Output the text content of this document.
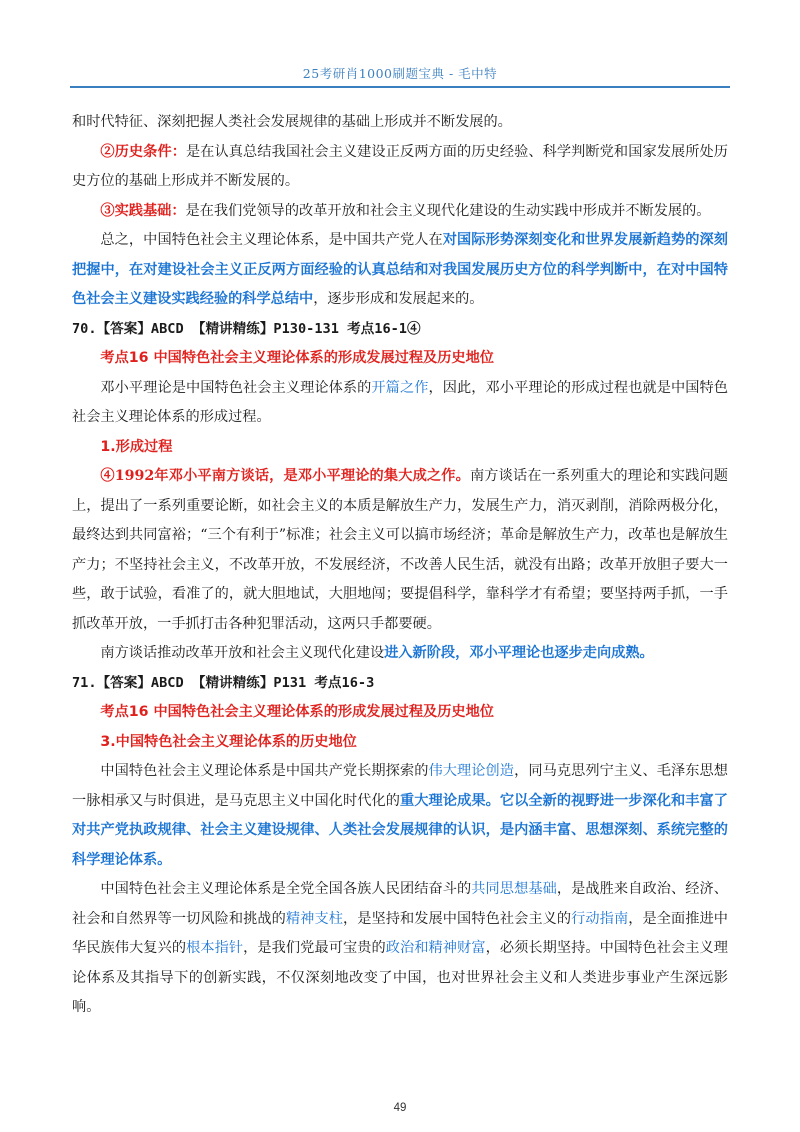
25考研肖1000刷题宝典 - 毛中特

和时代特征、深刻把握人类社会发展规律的基础上形成并不断发展的。

②历史条件：是在认真总结我国社会主义建设正反两方面的历史经验、科学判断党和国家发展所处历史方位的基础上形成并不断发展的。

③实践基础：是在我们党领导的改革开放和社会主义现代化建设的生动实践中形成并不断发展的。

总之，中国特色社会主义理论体系，是中国共产党人在对国际形势深刻变化和世界发展新趋势的深刻把握中，在对建设社会主义正反两方面经验的认真总结和对我国发展历史方位的科学判断中，在对中国特色社会主义建设实践经验的科学总结中，逐步形成和发展起来的。

70.【答案】ABCD 【精讲精练】P130-131 考点16-1④

考点16 中国特色社会主义理论体系的形成发展过程及历史地位

邓小平理论是中国特色社会主义理论体系的开篇之作，因此，邓小平理论的形成过程也就是中国特色社会主义理论体系的形成过程。

1.形成过程

④1992年邓小平南方谈话，是邓小平理论的集大成之作。南方谈话在一系列重大的理论和实践问题上，提出了一系列重要论断，如社会主义的本质是解放生产力，发展生产力，消灭剥削，消除两极分化，最终达到共同富裕；“三个有利于”标准；社会主义可以搞市场经济；革命是解放生产力，改革也是解放生产力；不坚持社会主义，不改革开放，不发展经济，不改善人民生活，就没有出路；改革开放胆子要大一些，敢于试验，看准了的，就大胆地试，大胆地闯；要提倡科学，靠科学才有希望；要坚持两手抓，一手抓改革开放，一手抓打击各种犯罪活动，这两只手都要硬。

南方谈话推动改革开放和社会主义现代化建设进入新阶段，邓小平理论也逐步走向成熟。

71.【答案】ABCD 【精讲精练】P131 考点16-3

考点16 中国特色社会主义理论体系的形成发展过程及历史地位

3.中国特色社会主义理论体系的历史地位

中国特色社会主义理论体系是中国共产党长期探索的伟大理论创造，同马克思列宁主义、毛泽东思想一脉相承又与时俱进，是马克思主义中国化时代化的重大理论成果。它以全新的视野进一步深化和丰富了对共产党执政规律、社会主义建设规律、人类社会发展规律的认识，是内涵丰富、思想深刻、系统完整的科学理论体系。

中国特色社会主义理论体系是全党全国各族人民团结奋斗的共同思想基础，是战胜来自政治、经济、社会和自然界等一切风险和挑战的精神支柱，是坚持和发展中国特色社会主义的行动指南，是全面推进中华民族伟大复兴的根本指针，是我们党最可宝贵的政治和精神财富，必须长期坚持。中国特色社会主义理论体系及其指导下的创新实践，不仅深刻地改变了中国，也对世界社会主义和人类进步事业产生深远影响。

49
